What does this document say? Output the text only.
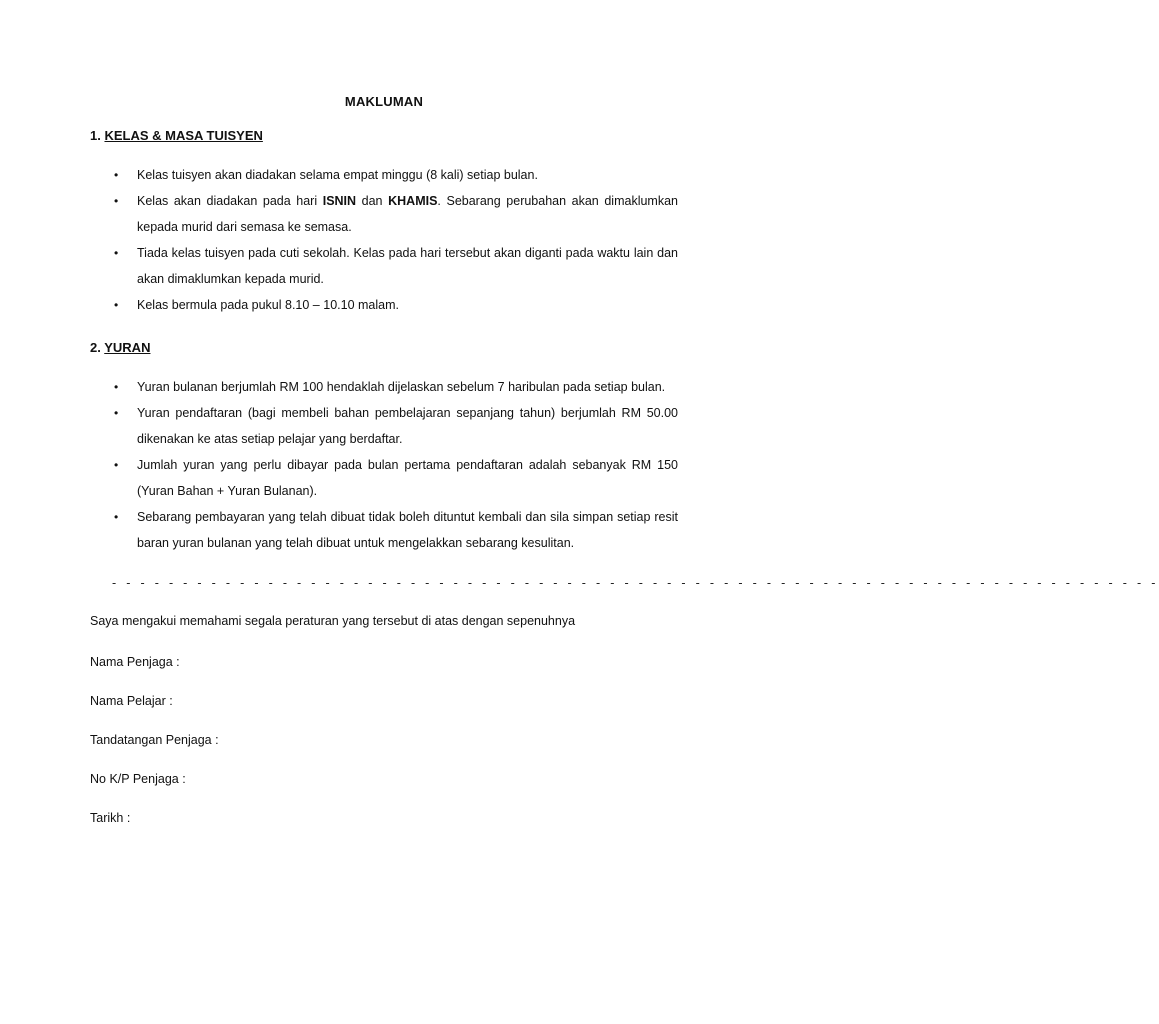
MAKLUMAN
1. KELAS & MASA TUISYEN
• Kelas tuisyen akan diadakan selama empat minggu (8 kali) setiap bulan.
• Kelas akan diadakan pada hari ISNIN dan KHAMIS. Sebarang perubahan akan dimaklumkan kepada murid dari semasa ke semasa.
• Tiada kelas tuisyen pada cuti sekolah. Kelas pada hari tersebut akan diganti pada waktu lain dan akan dimaklumkan kepada murid.
• Kelas bermula pada pukul 8.10 – 10.10 malam.
2. YURAN
• Yuran bulanan berjumlah RM 100 hendaklah dijelaskan sebelum 7 haribulan pada setiap bulan.
• Yuran pendaftaran (bagi membeli bahan pembelajaran sepanjang tahun) berjumlah RM 50.00 dikenakan ke atas setiap pelajar yang berdaftar.
• Jumlah yuran yang perlu dibayar pada bulan pertama pendaftaran adalah sebanyak RM 150 (Yuran Bahan + Yuran Bulanan).
• Sebarang pembayaran yang telah dibuat tidak boleh dituntut kembali dan sila simpan setiap resit baran yuran bulanan yang telah dibuat untuk mengelakkan sebarang kesulitan.
- - - - - - - - - - - - - - - - - - - - - - - - - - - - - - - - - - - - - - - - - - - - - - - - - - - - - - - - - - - - - - - - - - - - - - - - - -
Saya mengakui memahami segala peraturan yang tersebut di atas dengan sepenuhnya
Nama Penjaga :
Nama Pelajar :
Tandatangan Penjaga :
No K/P Penjaga :
Tarikh :
